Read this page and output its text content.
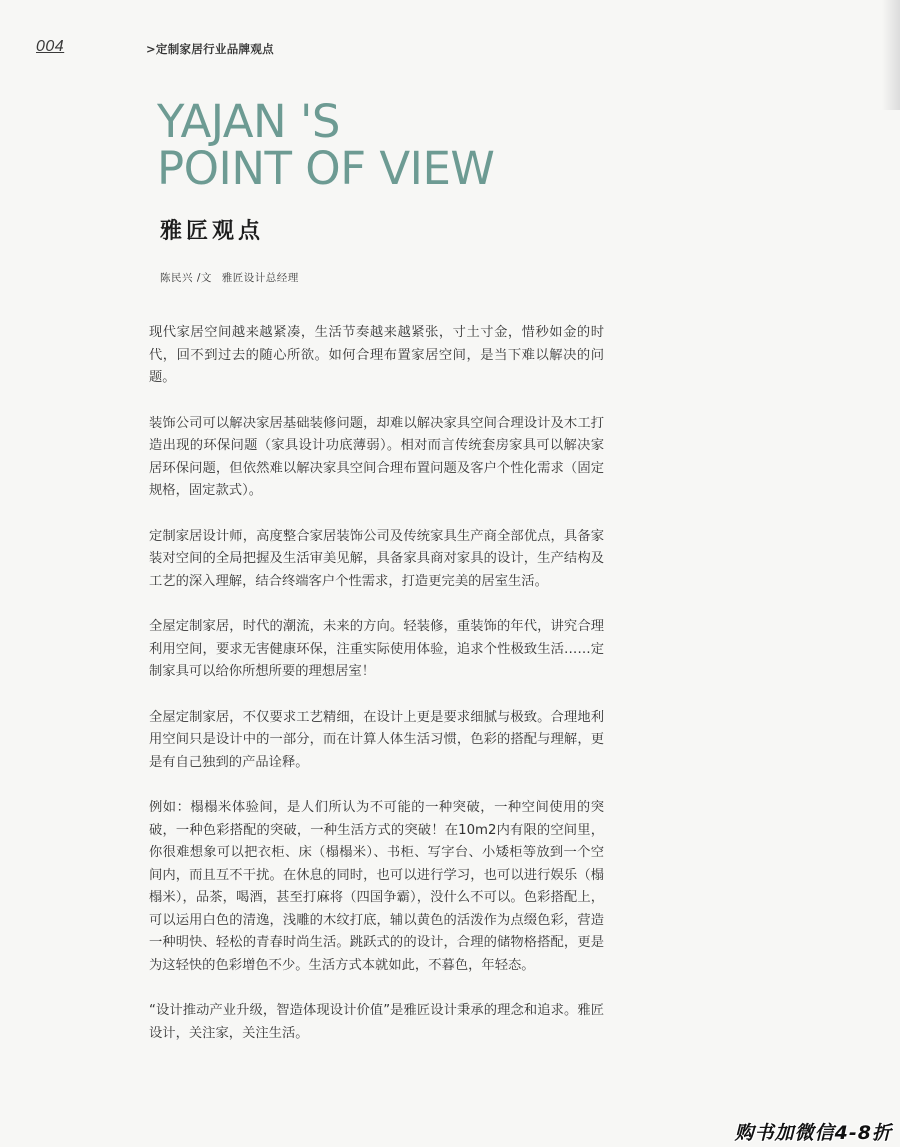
004	>定制家居行业品牌观点
YAJAN 'S
POINT OF VIEW
雅匠观点
陈民兴 /文 雅匠设计总经理

现代家居空间越来越紧凑，生活节奏越来越紧张，寸土寸金，惜秒如金的时代，回不到过去的随心所欲。如何合理布置家居空间，是当下难以解决的问题。

装饰公司可以解决家居基础装修问题，却难以解决家具空间合理设计及木工打造出现的环保问题（家具设计功底薄弱）。相对而言传统套房家具可以解决家居环保问题，但依然难以解决家具空间合理布置问题及客户个性化需求（固定规格，固定款式）。

定制家居设计师，高度整合家居装饰公司及传统家具生产商全部优点，具备家装对空间的全局把握及生活审美见解，具备家具商对家具的设计，生产结构及工艺的深入理解，结合终端客户个性需求，打造更完美的居室生活。

全屋定制家居，时代的潮流，未来的方向。轻装修，重装饰的年代，讲究合理利用空间，要求无害健康环保，注重实际使用体验，追求个性极致生活……定制家具可以给你所想所要的理想居室！

全屋定制家居，不仅要求工艺精细，在设计上更是要求细腻与极致。合理地利用空间只是设计中的一部分，而在计算人体生活习惯，色彩的搭配与理解，更是有自己独到的产品诠释。

例如：榻榻米体验间，是人们所认为不可能的一种突破，一种空间使用的突破，一种色彩搭配的突破，一种生活方式的突破！在10m2内有限的空间里，你很难想象可以把衣柜、床（榻榻米）、书柜、写字台、小矮柜等放到一个空间内，而且互不干扰。在休息的同时，也可以进行学习，也可以进行娱乐（榻榻米），品茶，喝酒，甚至打麻将（四国争霸），没什么不可以。色彩搭配上，可以运用白色的清逸，浅雕的木纹打底，辅以黄色的活泼作为点缀色彩，营造一种明快、轻松的青春时尚生活。跳跃式的的设计，合理的储物格搭配，更是为这轻快的色彩增色不少。生活方式本就如此，不暮色，年轻态。

“设计推动产业升级，智造体现设计价值”是雅匠设计秉承的理念和追求。雅匠设计，关注家，关注生活。

购书加微信4-8折
